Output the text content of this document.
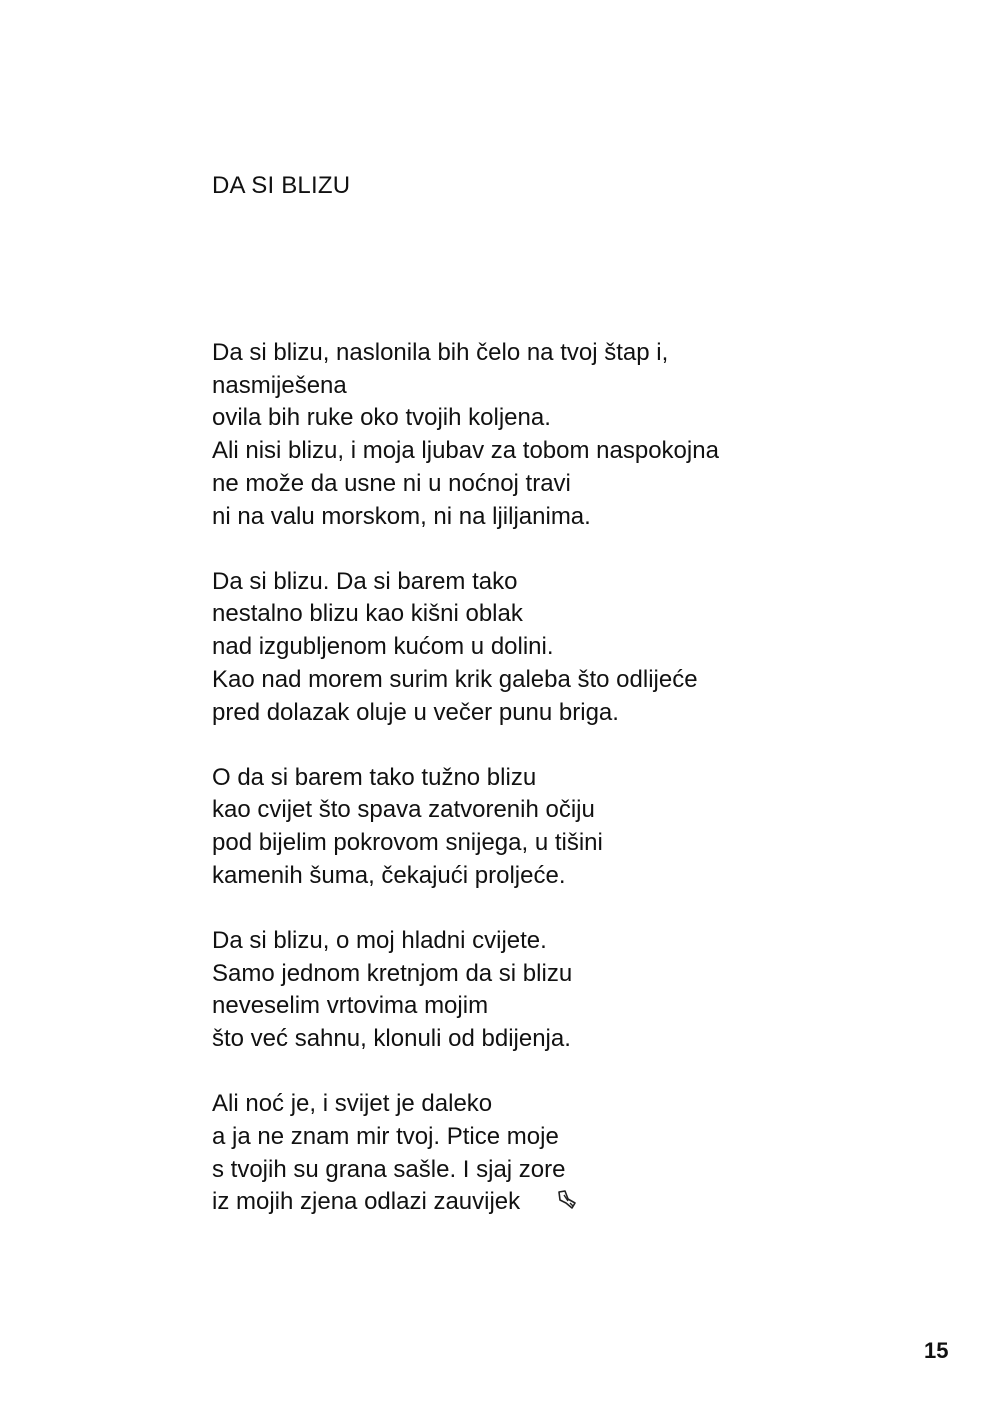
DA SI BLIZU
Da si blizu, naslonila bih čelo na tvoj štap i,
nasmiješena
ovila bih ruke oko tvojih koljena.
Ali nisi blizu, i moja ljubav za tobom naspokojna
ne može da usne ni u noćnoj travi
ni na valu morskom, ni na ljiljanima.
Da si blizu. Da si barem tako
nestalno blizu kao kišni oblak
nad izgubljenom kućom u dolini.
Kao nad morem surim krik galeba što odlijeće
pred dolazak oluje u večer punu briga.
O da si barem tako tužno blizu
kao cvijet što spava zatvorenih očiju
pod bijelim pokrovom snijega, u tišini
kamenih šuma, čekajući proljeće.
Da si blizu, o moj hladni cvijete.
Samo jednom kretnjom da si blizu
neveselim vrtovima mojim
što već sahnu, klonuli od bdijenja.
Ali noć je, i svijet je daleko
a ja ne znam mir tvoj. Ptice moje
s tvojih su grana sašle. I sjaj zore
iz mojih zjena odlazi zauvijek
15
